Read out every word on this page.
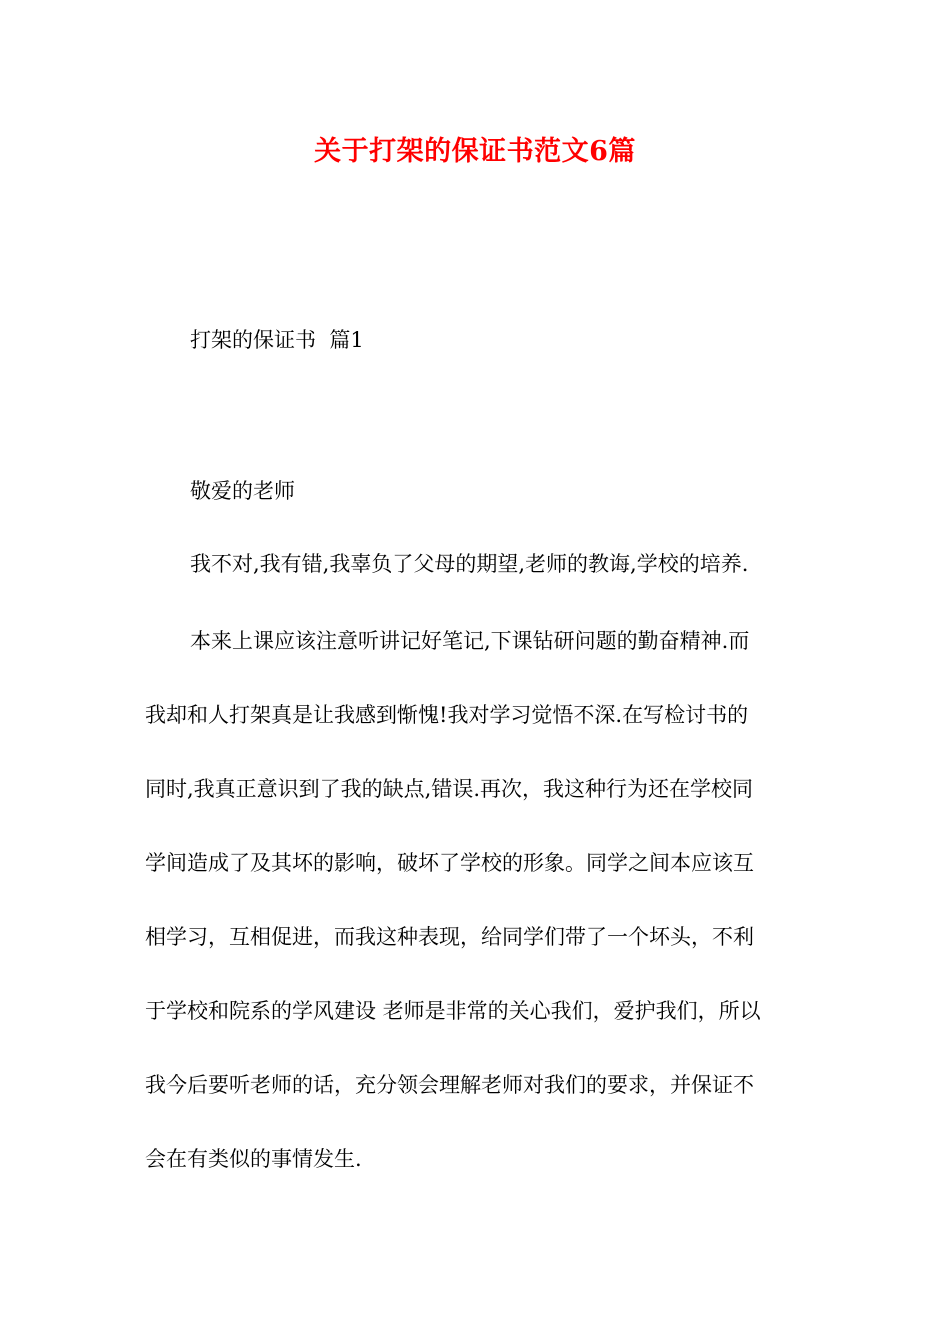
关于打架的保证书范文6篇
打架的保证书  篇1
敬爱的老师
我不对,我有错,我辜负了父母的期望,老师的教诲,学校的培养.
本来上课应该注意听讲记好笔记,下课钻研问题的勤奋精神.而
我却和人打架真是让我感到惭愧!我对学习觉悟不深.在写检讨书的
同时,我真正意识到了我的缺点,错误.再次，我这种行为还在学校同
学间造成了及其坏的影响，破坏了学校的形象。同学之间本应该互
相学习，互相促进，而我这种表现，给同学们带了一个坏头，不利
于学校和院系的学风建设 老师是非常的关心我们，爱护我们，所以
我今后要听老师的话，充分领会理解老师对我们的要求，并保证不
会在有类似的事情发生.
